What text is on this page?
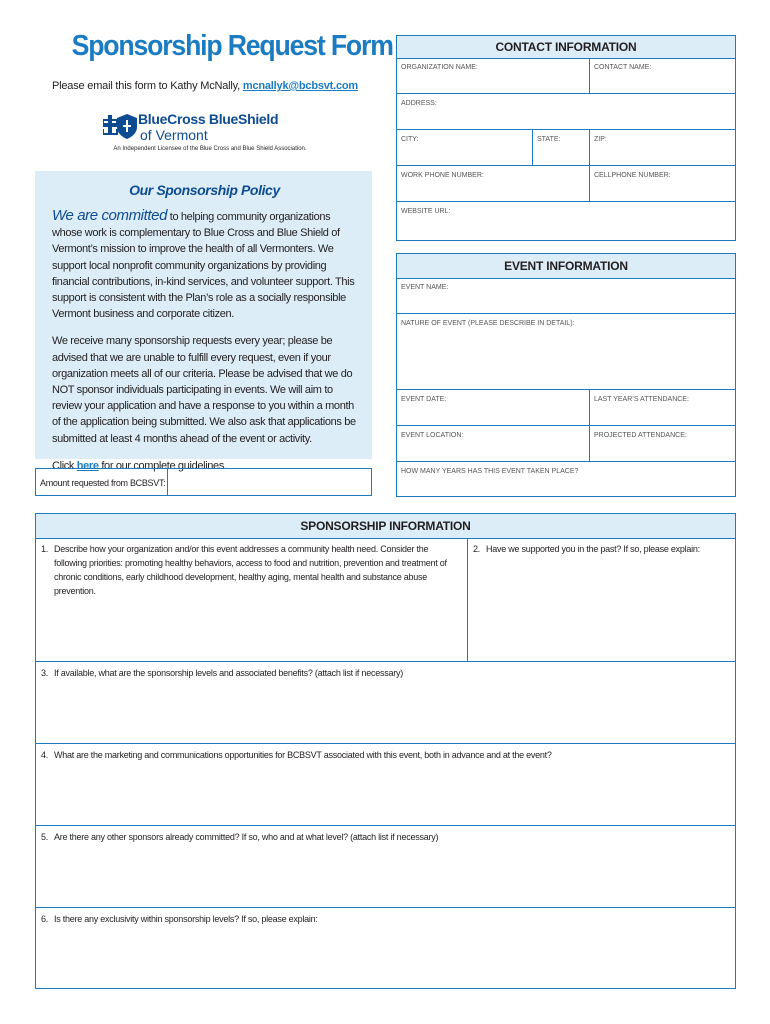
Sponsorship Request Form
Please email this form to Kathy McNally, mcnallyk@bcbsvt.com
BlueCross BlueShield
of Vermont
An Independent Licensee of the Blue Cross and Blue Shield Association.
Our Sponsorship Policy

We are committed to helping community organizations whose work is complementary to Blue Cross and Blue Shield of Vermont’s mission to improve the health of all Vermonters. We support local nonprofit community organizations by providing financial contributions, in-kind services, and volunteer support. This support is consistent with the Plan’s role as a socially responsible Vermont business and corporate citizen.

We receive many sponsorship requests every year; please be advised that we are unable to fulfill every request, even if your organization meets all of our criteria. Please be advised that we do NOT sponsor individuals participating in events. We will aim to review your application and have a response to you within a month of the application being submitted. We also ask that applications be submitted at least 4 months ahead of the event or activity.

Click here for our complete guidelines.

Amount requested from BCBSVT:
CONTACT INFORMATION
ORGANIZATION NAME:	CONTACT NAME:
ADDRESS:
CITY:	STATE:	ZIP:
WORK PHONE NUMBER:	CELLPHONE NUMBER:
WEBSITE URL:
EVENT INFORMATION
EVENT NAME:
NATURE OF EVENT (PLEASE DESCRIBE IN DETAIL):
EVENT DATE:	LAST YEAR’S ATTENDANCE:
EVENT LOCATION:	PROJECTED ATTENDANCE:
HOW MANY YEARS HAS THIS EVENT TAKEN PLACE?
SPONSORSHIP INFORMATION
1. Describe how your organization and/or this event addresses a community health need. Consider the following priorities: promoting healthy behaviors, access to food and nutrition, prevention and treatment of chronic conditions, early childhood development, healthy aging, mental health and substance abuse prevention.
2. Have we supported you in the past? If so, please explain:
3. If available, what are the sponsorship levels and associated benefits? (attach list if necessary)
4. What are the marketing and communications opportunities for BCBSVT associated with this event, both in advance and at the event?
5. Are there any other sponsors already committed? If so, who and at what level? (attach list if necessary)
6. Is there any exclusivity within sponsorship levels? If so, please explain:
